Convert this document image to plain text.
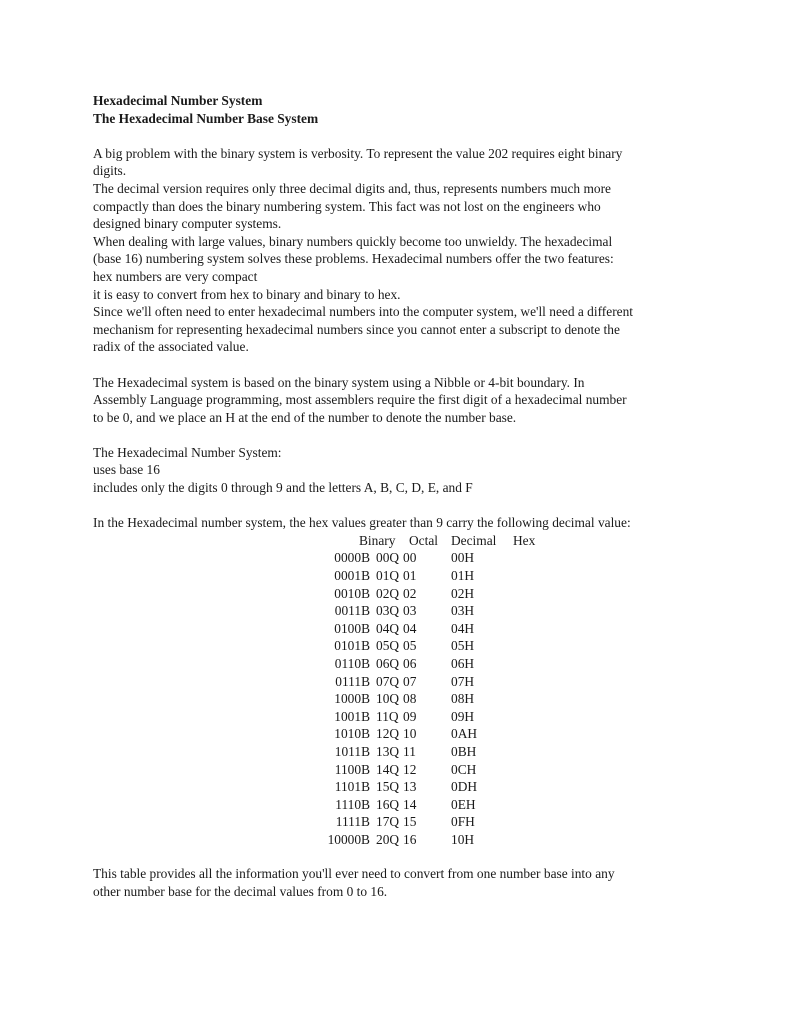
Hexadecimal Number System
The Hexadecimal Number Base System
A big problem with the binary system is verbosity. To represent the value 202 requires eight binary
digits.
The decimal version requires only three decimal digits and, thus, represents numbers much more
compactly than does the binary numbering system. This fact was not lost on the engineers who
designed binary computer systems.
When dealing with large values, binary numbers quickly become too unwieldy. The hexadecimal
(base 16) numbering system solves these problems. Hexadecimal numbers offer the two features:
hex numbers are very compact
it is easy to convert from hex to binary and binary to hex.
Since we'll often need to enter hexadecimal numbers into the computer system, we'll need a different
mechanism for representing hexadecimal numbers since you cannot enter a subscript to denote the
radix of the associated value.
The Hexadecimal system is based on the binary system using a Nibble or 4-bit boundary. In
Assembly Language programming, most assemblers require the first digit of a hexadecimal number
to be 0, and we place an H at the end of the number to denote the number base.
The Hexadecimal Number System:
uses base 16
includes only the digits 0 through 9 and the letters A, B, C, D, E, and F
In the Hexadecimal number system, the hex values greater than 9 carry the following decimal value:
Binary Octal Decimal Hex
0000B 00Q 00	00H
0001B 01Q 01	01H
0010B 02Q 02	02H
0011B 03Q 03	03H
0100B 04Q 04	04H
0101B 05Q 05	05H
0110B 06Q 06	06H
0111B 07Q 07	07H
1000B 10Q 08	08H
1001B 11Q 09	09H
1010B 12Q 10	0AH
1011B 13Q 11	0BH
1100B 14Q 12	0CH
1101B 15Q 13	0DH
1110B 16Q 14	0EH
1111B 17Q 15	0FH
10000B 20Q 16	10H
This table provides all the information you'll ever need to convert from one number base into any
other number base for the decimal values from 0 to 16.
